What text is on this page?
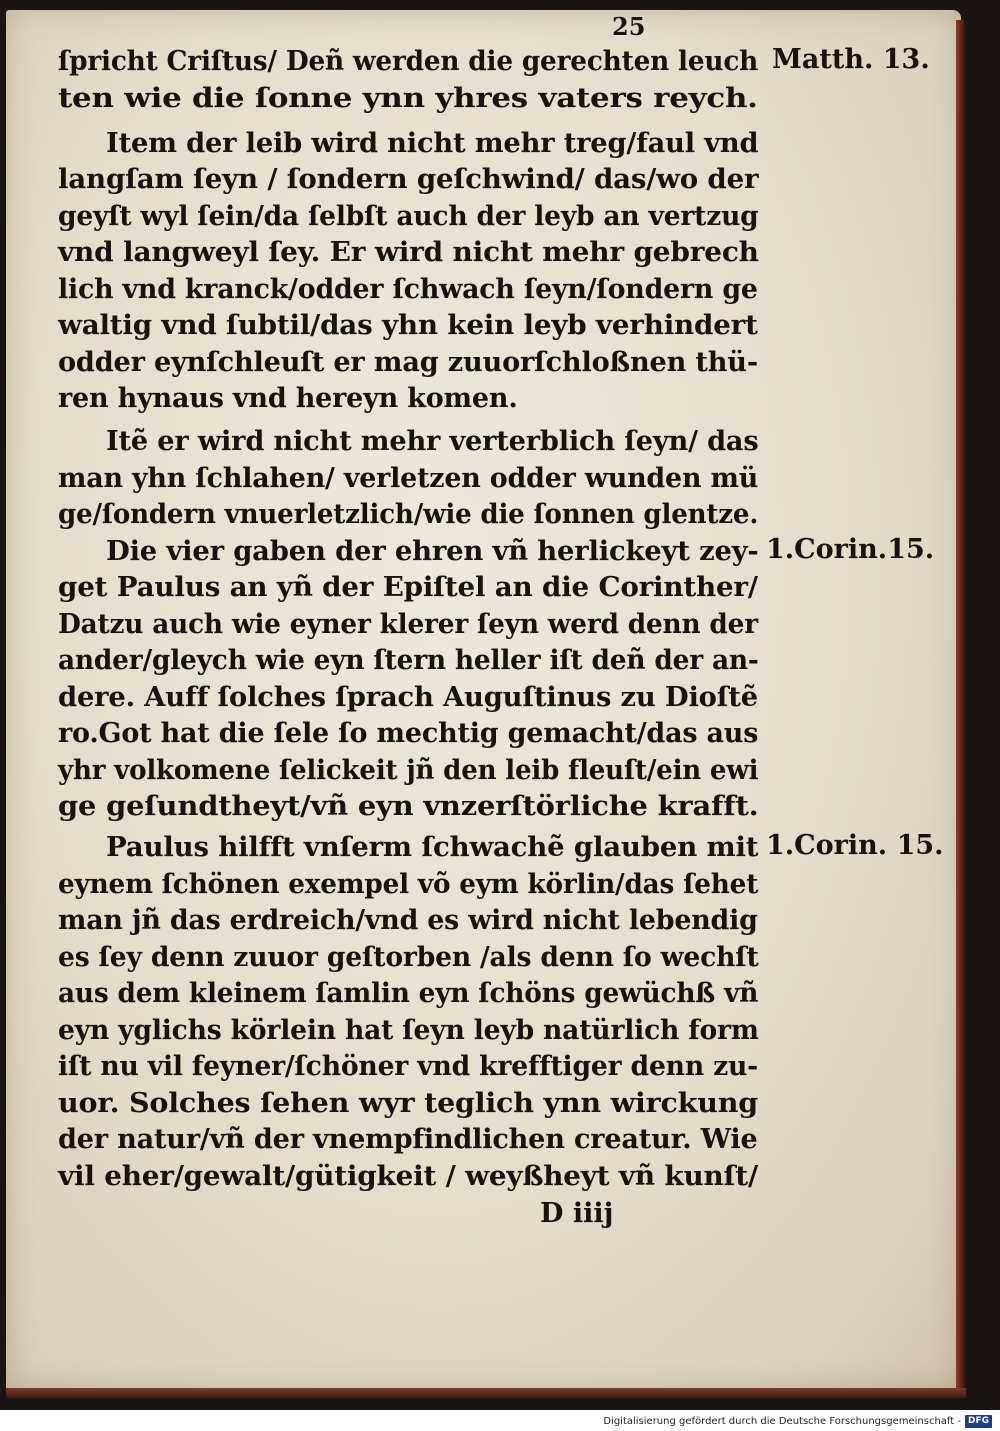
25
ſpricht Criſtus/ Deñ werden die gerechten leuch
ten wie die ſonne ynn yhres vaters reych.
Item der leib wird nicht mehr treg/faul vnd
langſam ſeyn / ſondern geſchwind/ das/wo der
geyſt wyl ſein/da ſelbſt auch der leyb an vertzug
vnd langweyl ſey. Er wird nicht mehr gebrech
lich vnd kranck/odder ſchwach ſeyn/ſondern ge
waltig vnd ſubtil/das yhn kein leyb verhindert
odder eynſchleuſt er mag zuuorſchloßnen thü-
ren hynaus vnd hereyn komen.
Itẽ er wird nicht mehr verterblich ſeyn/ das
man yhn ſchlahen/ verletzen odder wunden mü
ge/ſondern vnuerletzlich/wie die ſonnen glentze.
Die vier gaben der ehren vñ herlickeyt zey-
get Paulus an yñ der Epiſtel an die Corinther/
Datzu auch wie eyner klerer ſeyn werd denn der
ander/gleych wie eyn ſtern heller iſt deñ der an-
dere. Auff ſolches ſprach Auguſtinus zu Dioſtẽ
ro.Got hat die ſele ſo mechtig gemacht/das aus
yhr volkomene ſelickeit jñ den leib fleuſt/ein ewi
ge geſundtheyt/vñ eyn vnzerſtörliche krafft.
Paulus hilfft vnſerm ſchwachẽ glauben mit
eynem ſchönen exempel võ eym körlin/das ſehet
man jñ das erdreich/vnd es wird nicht lebendig
es ſey denn zuuor geſtorben /als denn ſo wechſt
aus dem kleinem ſamlin eyn ſchöns gewüchß vñ
eyn yglichs körlein hat ſeyn leyb natürlich form
iſt nu vil feyner/ſchöner vnd krefftiger denn zu-
uor. Solches ſehen wyr teglich ynn wirckung
der natur/vñ der vnempfindlichen creatur. Wie
vil eher/gewalt/gütigkeit / weyßheyt vñ kunſt/
Matth. 13.
1.Corin.15.
1.Corin. 15.
D iiij
Digitalisierung gefördert durch die Deutsche Forschungsgemeinschaft - DFG
